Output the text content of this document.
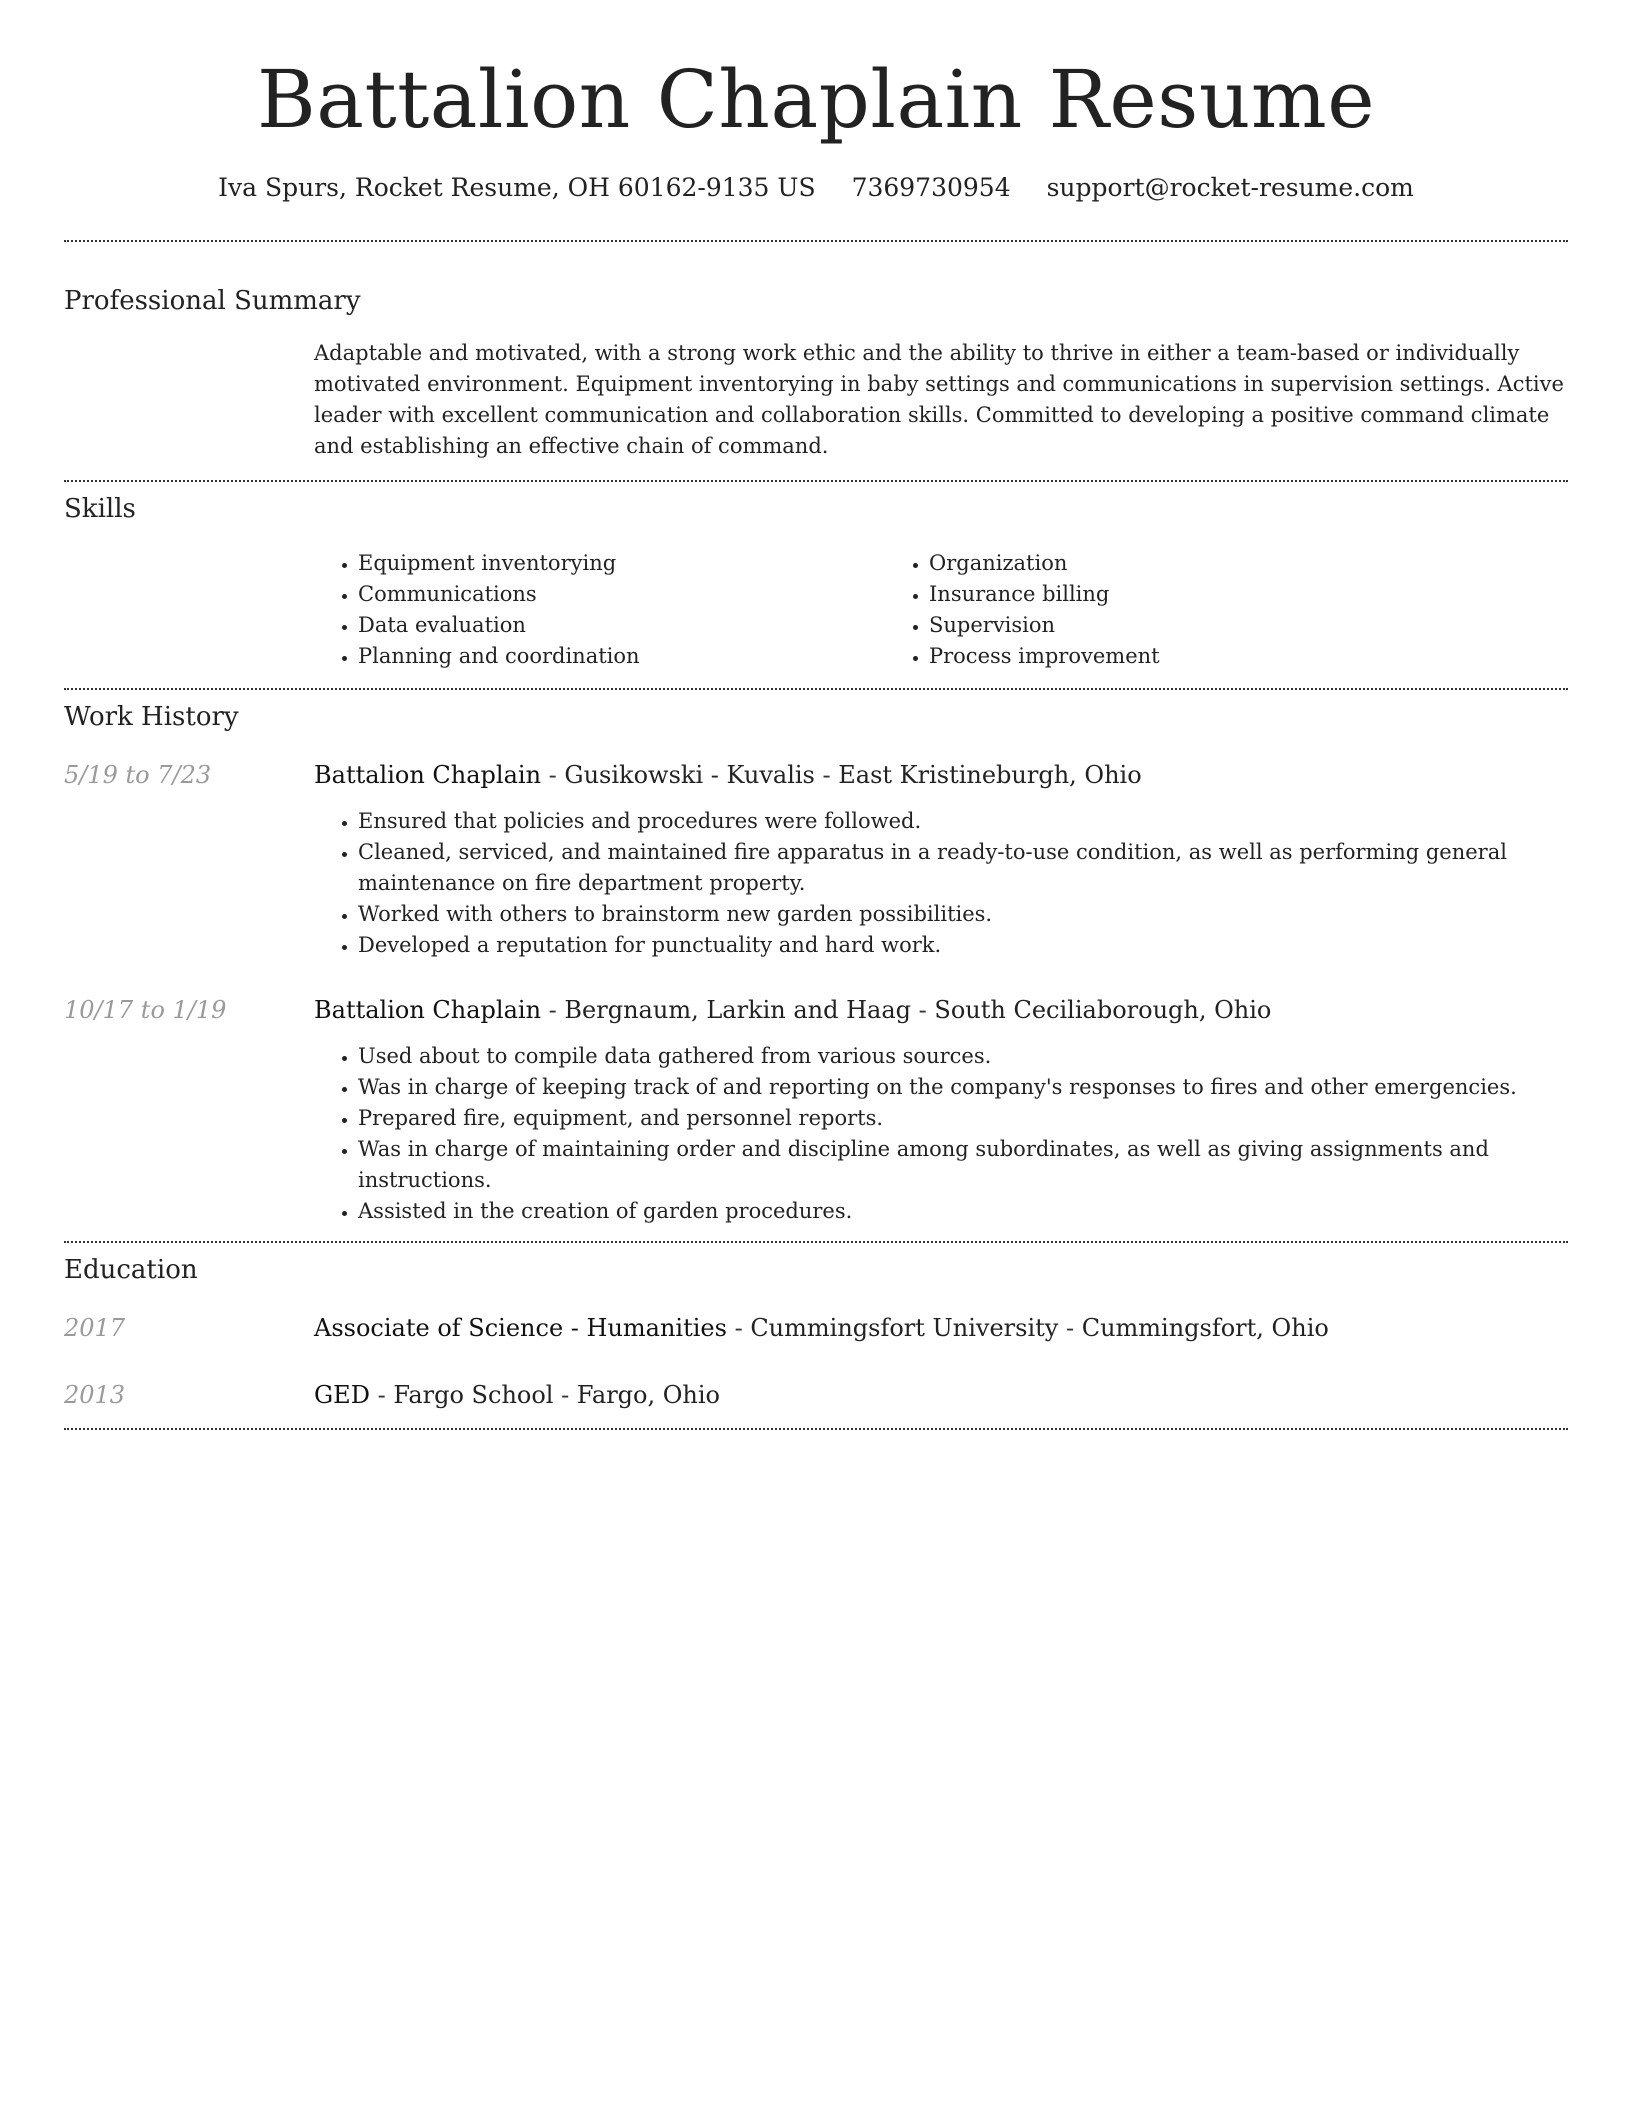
Battalion Chaplain Resume
Iva Spurs, Rocket Resume, OH 60162-9135 US 7369730954 support@rocket-resume.com
Professional Summary

Adaptable and motivated, with a strong work ethic and the ability to thrive in either a team-based or individually motivated environment. Equipment inventorying in baby settings and communications in supervision settings. Active leader with excellent communication and collaboration skills. Committed to developing a positive command climate and establishing an effective chain of command.

Skills
• Equipment inventorying
• Communications
• Data evaluation
• Planning and coordination
• Organization
• Insurance billing
• Supervision
• Process improvement
Work History
5/19 to 7/23	Battalion Chaplain - Gusikowski - Kuvalis - East Kristineburgh, Ohio

• Ensured that policies and procedures were followed.
• Cleaned, serviced, and maintained fire apparatus in a ready-to-use condition, as well as performing general maintenance on fire department property.
• Worked with others to brainstorm new garden possibilities.
• Developed a reputation for punctuality and hard work.
10/17 to 1/19	Battalion Chaplain - Bergnaum, Larkin and Haag - South Ceciliaborough, Ohio

• Used about to compile data gathered from various sources.
• Was in charge of keeping track of and reporting on the company's responses to fires and other emergencies.
• Prepared fire, equipment, and personnel reports.
• Was in charge of maintaining order and discipline among subordinates, as well as giving assignments and instructions.
• Assisted in the creation of garden procedures.
Education
2017	Associate of Science - Humanities - Cummingsfort University - Cummingsfort, Ohio

2013	GED - Fargo School - Fargo, Ohio
